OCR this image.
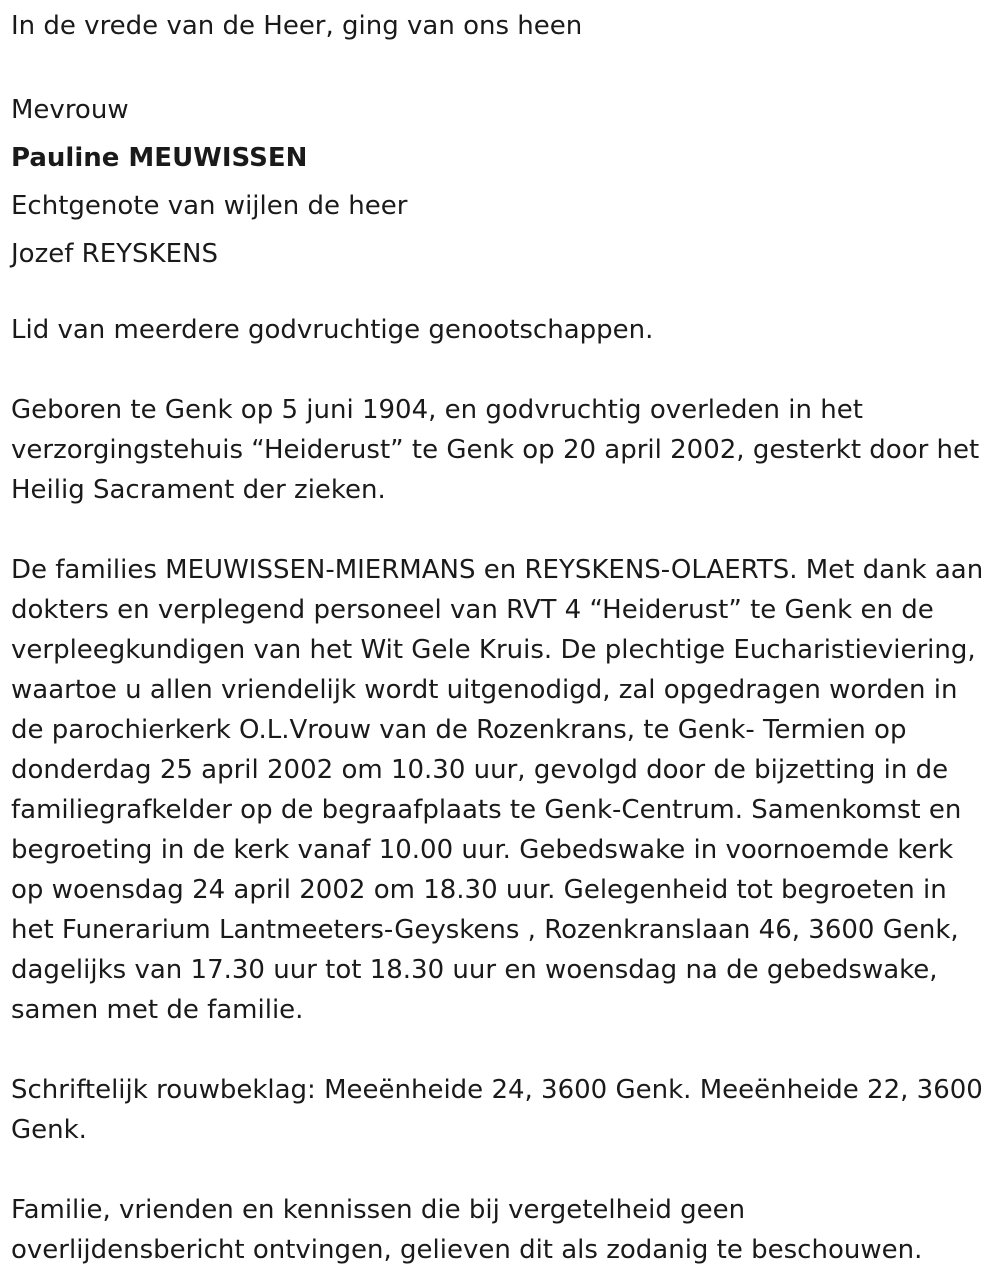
In de vrede van de Heer, ging van ons heen

Mevrouw

Pauline MEUWISSEN

Echtgenote van wijlen de heer

Jozef REYSKENS

Lid van meerdere godvruchtige genootschappen.

Geboren te Genk op 5 juni 1904, en godvruchtig overleden in het verzorgingstehuis “Heiderust” te Genk op 20 april 2002, gesterkt door het Heilig Sacrament der zieken.

De families MEUWISSEN-MIERMANS en REYSKENS-OLAERTS. Met dank aan dokters en verplegend personeel van RVT 4 “Heiderust” te Genk en de verpleegkundigen van het Wit Gele Kruis. De plechtige Eucharistieviering, waartoe u allen vriendelijk wordt uitgenodigd, zal opgedragen worden in de parochierkerk O.L.Vrouw van de Rozenkrans, te Genk- Termien op donderdag 25 april 2002 om 10.30 uur, gevolgd door de bijzetting in de familiegrafkelder op de begraafplaats te Genk-Centrum. Samenkomst en begroeting in de kerk vanaf 10.00 uur. Gebedswake in voornoemde kerk op woensdag 24 april 2002 om 18.30 uur. Gelegenheid tot begroeten in het Funerarium Lantmeeters-Geyskens , Rozenkranslaan 46, 3600 Genk, dagelijks van 17.30 uur tot 18.30 uur en woensdag na de gebedswake, samen met de familie.

Schriftelijk rouwbeklag: Meeënheide 24, 3600 Genk. Meeënheide 22, 3600 Genk.

Familie, vrienden en kennissen die bij vergetelheid geen overlijdensbericht ontvingen, gelieven dit als zodanig te beschouwen.
